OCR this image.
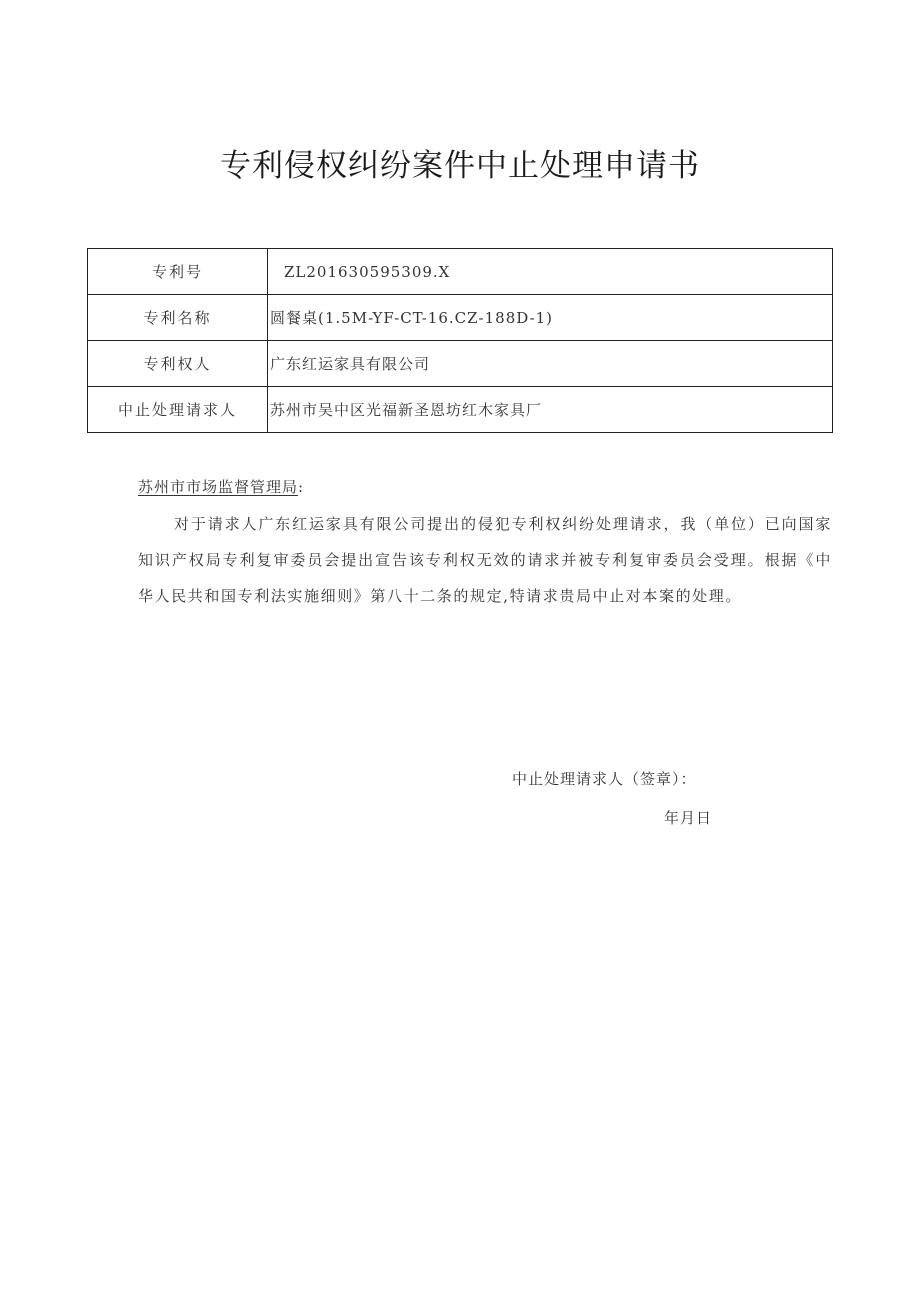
专利侵权纠纷案件中止处理申请书
专利号	ZL201630595309.X
专利名称	圆餐桌(1.5M-YF-CT-16.CZ-188D-1)
专利权人	广东红运家具有限公司
中止处理请求人	苏州市吴中区光福新圣恩坊红木家具厂
苏州市市场监督管理局:
对于请求人广东红运家具有限公司提出的侵犯专利权纠纷处理请求，我（单位）已向国家知识产权局专利复审委员会提出宣告该专利权无效的请求并被专利复审委员会受理。根据《中华人民共和国专利法实施细则》第八十二条的规定,特请求贵局中止对本案的处理。
中止处理请求人（签章）：
年月日
